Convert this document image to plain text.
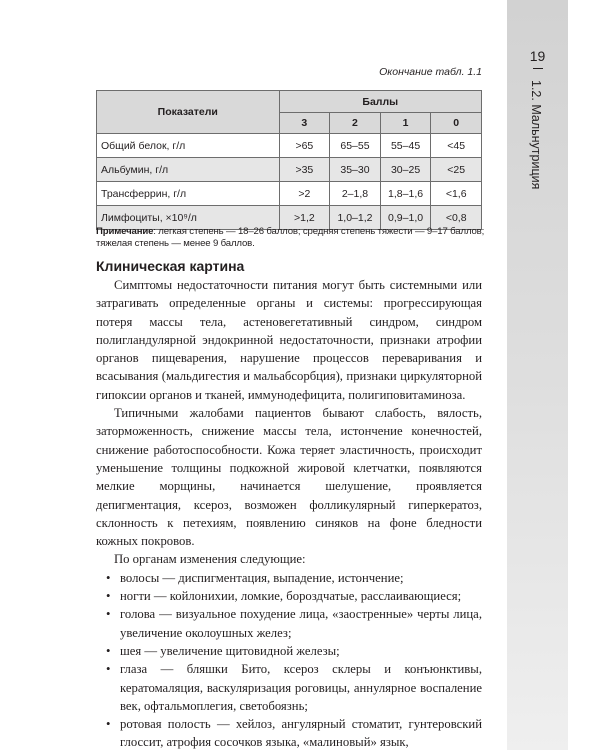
19
1.2. Мальнутриция
Окончание табл. 1.1
Показатели	Баллы			
	3	2	1	0
Общий белок, г/л	>65	65–55	55–45	<45
Альбумин, г/л	>35	35–30	30–25	<25
Трансферрин, г/л	>2	2–1,8	1,8–1,6	<1,6
Лимфоциты, ×10⁹/л	>1,2	1,0–1,2	0,9–1,0	<0,8
Примечание: легкая степень — 18–26 баллов; средняя степень тяжести — 9–17 баллов; тяжелая степень — менее 9 баллов.
Клиническая картина

Симптомы недостаточности питания могут быть системными или затрагивать определенные органы и системы: прогрессирующая потеря массы тела, астеновегетативный синдром, синдром полигландулярной эндокринной недостаточности, признаки атрофии органов пищеварения, нарушение процессов переваривания и всасывания (мальдигестия и мальабсорбция), признаки циркуляторной гипоксии органов и тканей, иммунодефицита, полигиповитаминоза.

Типичными жалобами пациентов бывают слабость, вялость, заторможенность, снижение массы тела, истончение конечностей, снижение работоспособности. Кожа теряет эластичность, происходит уменьшение толщины подкожной жировой клетчатки, появляются мелкие морщины, начинается шелушение, проявляется депигментация, ксероз, возможен фолликулярный гиперкератоз, склонность к петехиям, появлению синяков на фоне бледности кожных покровов.

По органам изменения следующие:

• волосы — диспигментация, выпадение, истончение;
• ногти — койлонихии, ломкие, бороздчатые, расслаивающиеся;
• голова — визуальное похудение лица, «заостренные» черты лица, увеличение околоушных желез;
• шея — увеличение щитовидной железы;
• глаза — бляшки Бито, ксероз склеры и конъюнктивы, кератомаляция, васкуляризация роговицы, аннулярное воспаление век, офтальмоплегия, светобоязнь;
• ротовая полость — хейлоз, ангулярный стоматит, гунтеровский глоссит, атрофия сосочков языка, «малиновый» язык,
